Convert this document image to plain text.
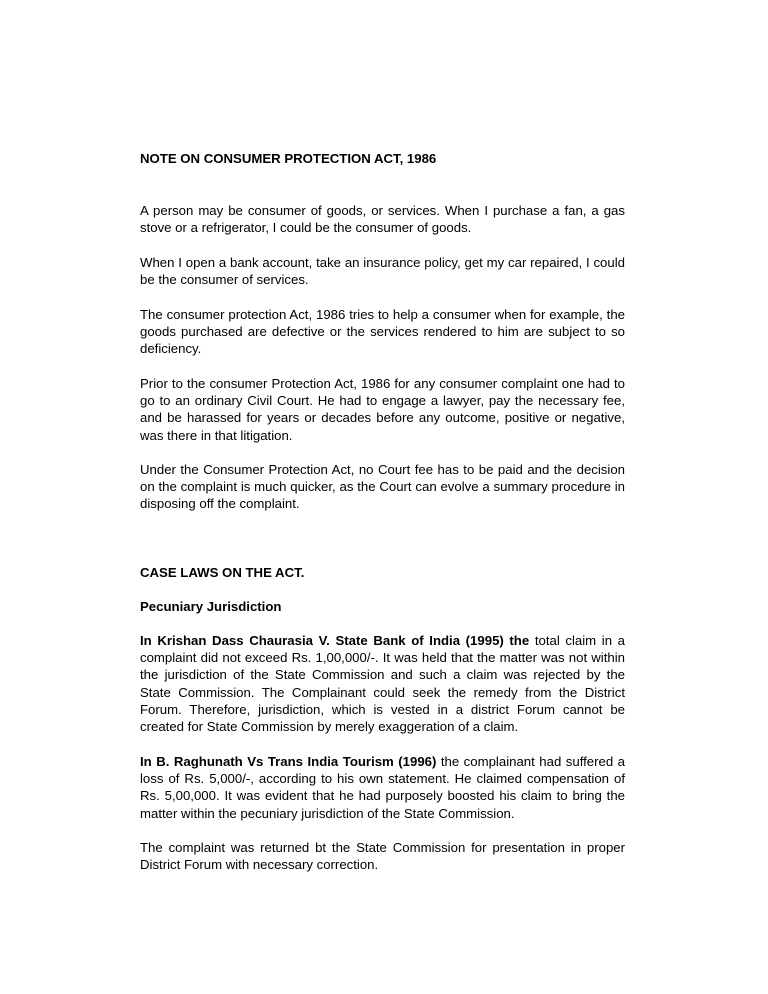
NOTE ON CONSUMER PROTECTION ACT, 1986

A person may be consumer of goods, or services. When I purchase a fan, a gas stove or a refrigerator, I could be the consumer of goods.

When I open a bank account, take an insurance policy, get my car repaired, I could be the consumer of services.

The consumer protection Act, 1986 tries to help a consumer when for example, the goods purchased are defective or the services rendered to him are subject to so deficiency.

Prior to the consumer Protection Act, 1986 for any consumer complaint one had to go to an ordinary Civil Court. He had to engage a lawyer, pay the necessary fee, and be harassed for years or decades before any outcome, positive or negative, was there in that litigation.

Under the Consumer Protection Act, no Court fee has to be paid and the decision on the complaint is much quicker, as the Court can evolve a summary procedure in disposing off the complaint.

CASE LAWS ON THE ACT.

Pecuniary Jurisdiction

In Krishan Dass Chaurasia V. State Bank of India (1995) the total claim in a complaint did not exceed Rs. 1,00,000/-. It was held that the matter was not within the jurisdiction of the State Commission and such a claim was rejected by the State Commission. The Complainant could seek the remedy from the District Forum. Therefore, jurisdiction, which is vested in a district Forum cannot be created for State Commission by merely exaggeration of a claim.

In B. Raghunath Vs Trans India Tourism (1996) the complainant had suffered a loss of Rs. 5,000/-, according to his own statement. He claimed compensation of Rs. 5,00,000. It was evident that he had purposely boosted his claim to bring the matter within the pecuniary jurisdiction of the State Commission.

The complaint was returned bt the State Commission for presentation in proper District Forum with necessary correction.
